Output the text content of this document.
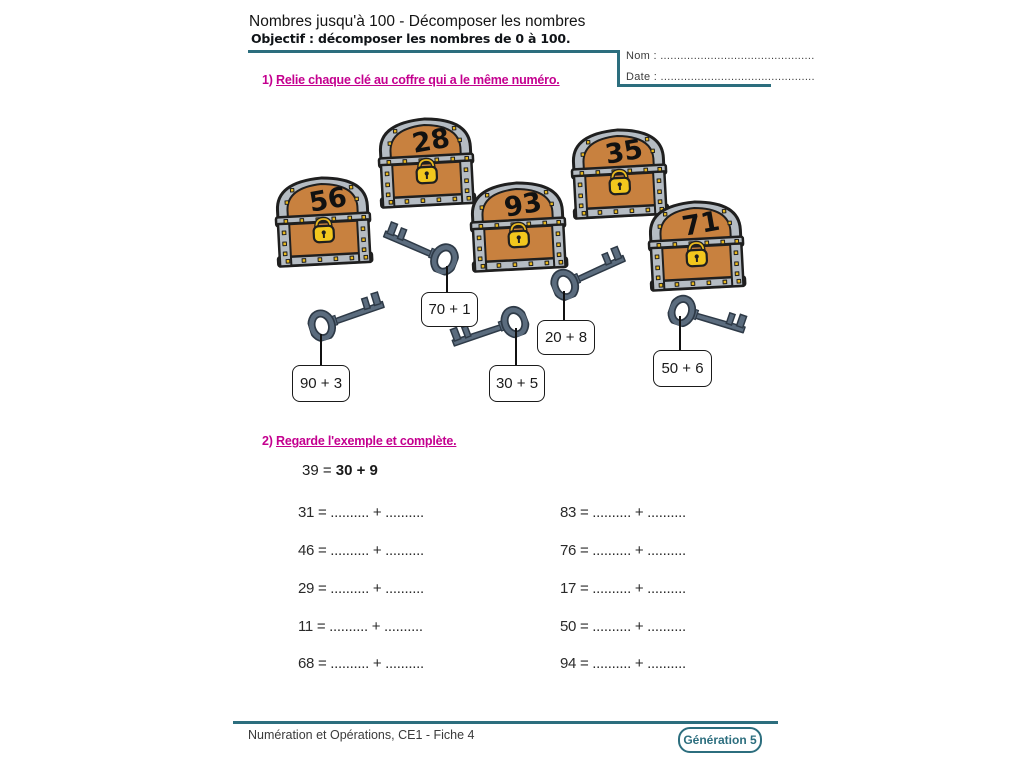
Nombres jusqu'à 100 - Décomposer les nombres
Objectif : décomposer les nombres de 0 à 100.
Nom : ..............................................
Date : ..............................................
1) Relie chaque clé au coffre qui a le même numéro.
56
28
93
35
71
70 + 1
20 + 8
90 + 3	30 + 5
50 + 6
2) Regarde l'exemple et complète.
39 = 30 + 9
31 = .......... + ..........
46 = .......... + ..........
29 = .......... + ..........
11 = .......... + ..........
68 = .......... + ..........
83 = .......... + ..........
76 = .......... + ..........
17 = .......... + ..........
50 = .......... + ..........
94 = .......... + ..........
Numération et Opérations, CE1 - Fiche 4	Génération 5
